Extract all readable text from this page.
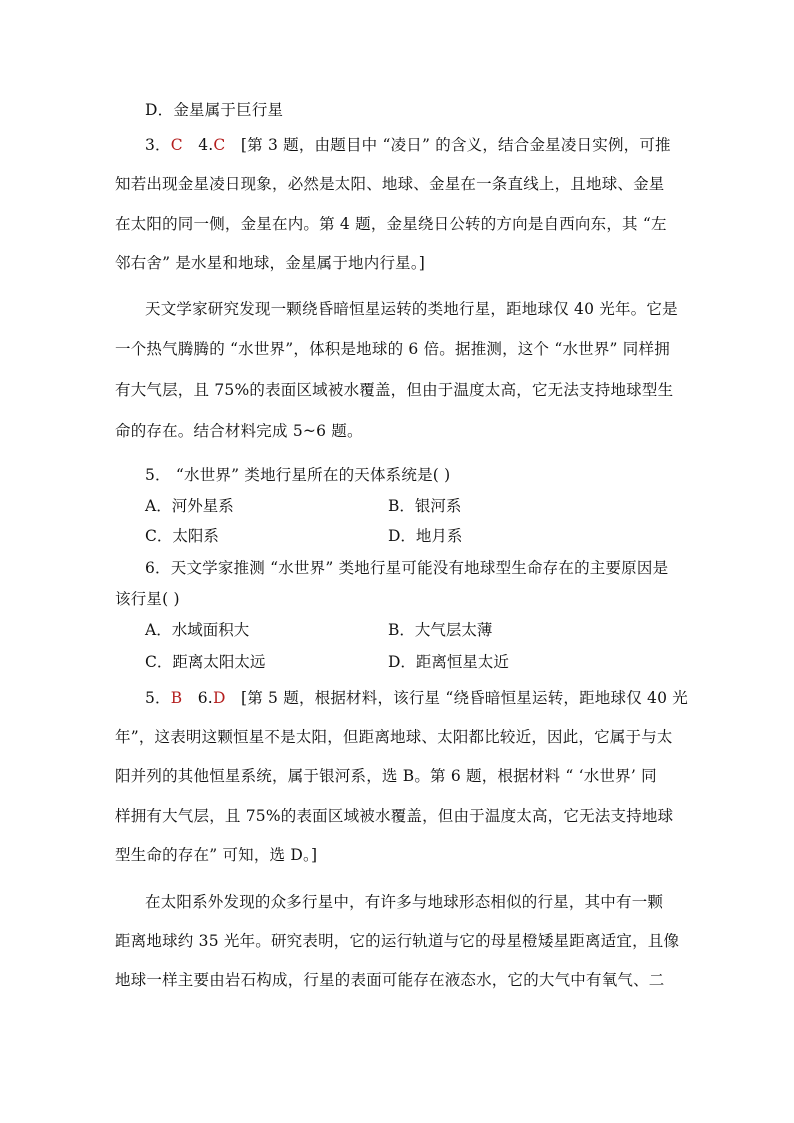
D．金星属于巨行星
3．C 4.C [第 3 题，由题目中 “凌日” 的含义，结合金星凌日实例，可推
知若出现金星凌日现象，必然是太阳、地球、金星在一条直线上，且地球、金星
在太阳的同一侧，金星在内。第 4 题，金星绕日公转的方向是自西向东，其 “左
邻右舍” 是水星和地球，金星属于地内行星。]
天文学家研究发现一颗绕昏暗恒星运转的类地行星，距地球仅 40 光年。它是
一个热气腾腾的 “水世界”，体积是地球的 6 倍。据推测，这个 “水世界” 同样拥
有大气层，且 75%的表面区域被水覆盖，但由于温度太高，它无法支持地球型生
命的存在。结合材料完成 5~6 题。
5． “水世界” 类地行星所在的天体系统是( )
A．河外星系	B．银河系
C．太阳系	D．地月系
6．天文学家推测 “水世界” 类地行星可能没有地球型生命存在的主要原因是
该行星( )
A．水域面积大	B．大气层太薄
C．距离太阳太远	D．距离恒星太近
5．B 6.D [第 5 题，根据材料，该行星 “绕昏暗恒星运转，距地球仅 40 光
年”，这表明这颗恒星不是太阳，但距离地球、太阳都比较近，因此，它属于与太
阳并列的其他恒星系统，属于银河系，选 B。第 6 题，根据材料 “ ‘水世界’ 同
样拥有大气层，且 75%的表面区域被水覆盖，但由于温度太高，它无法支持地球
型生命的存在” 可知，选 D。]
在太阳系外发现的众多行星中，有许多与地球形态相似的行星，其中有一颗
距离地球约 35 光年。研究表明，它的运行轨道与它的母星橙矮星距离适宜，且像
地球一样主要由岩石构成，行星的表面可能存在液态水，它的大气中有氧气、二
